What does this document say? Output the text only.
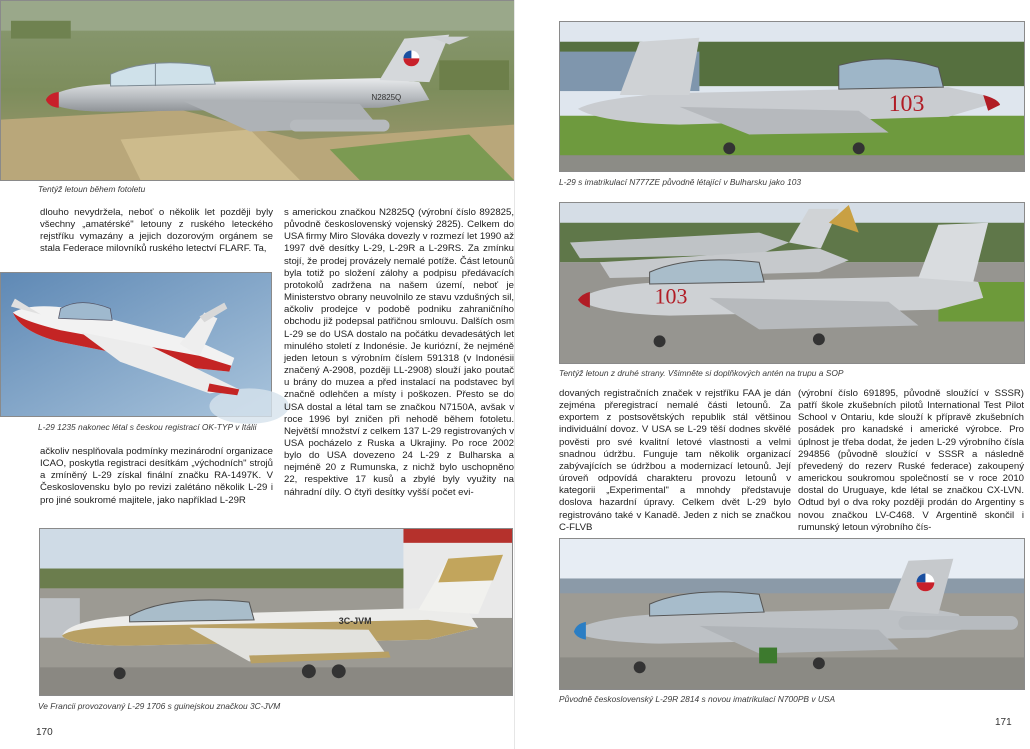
N2825Q
Tentýž letoun během fotoletu
L-29 1235 nakonec létal s českou registrací OK-TYP v Itálii
dlouho nevydržela, neboť o několik let později byly všechny „amatérské" letouny z ruského leteckého rejstříku vymazány a jejich dozorovým orgánem se stala Federace milovníků ruského letectví FLARF. Ta,
ačkoliv nesplňovala podmínky mezinárodní organizace ICAO, poskytla registraci desítkám „východních" strojů a zmíněný L-29 získal finální značku RA-1497K. V Československu bylo po revizi zalétáno několik L-29 i pro jiné soukromé majitele, jako například L-29R
s americkou značkou N2825Q (výrobní číslo 892825, původně československý vojenský 2825). Celkem do USA firmy Miro Slováka dovezly v rozmezí let 1990 až 1997 dvě desítky L-29, L-29R a L-29RS. Za zmínku stojí, že prodej provázely nemalé potíže. Část letounů byla totiž po složení zálohy a podpisu předávacích protokolů zadržena na našem území, neboť je Ministerstvo obrany neuvolnilo ze stavu vzdušných sil, ačkoliv prodejce v podobě podniku zahraničního obchodu již podepsal patřičnou smlouvu. Dalších osm L-29 se do USA dostalo na počátku devadesátých let minulého století z Indonésie. Je kuriózní, že nejméně jeden letoun s výrobním číslem 591318 (v Indonésii značený A-2908, později LL-2908) slouží jako poutač u brány do muzea a před instalací na podstavec byl značně odlehčen a místy i poškozen. Přesto se do USA dostal a létal tam se značkou N7150A, avšak v roce 1996 byl zničen při nehodě během fotoletu. Největší množství z celkem 137 L-29 registrovaných v USA pocházelo z Ruska a Ukrajiny. Po roce 2002 bylo do USA dovezeno 24 L-29 z Bulharska a nejméně 20 z Rumunska, z nichž bylo uschopněno 22, respektive 17 kusů a zbylé byly využity na náhradní díly. O čtyři desítky vyšší počet evi-
3C-JVM
Ve Francii provozovaný L-29 1706 s guinejskou značkou 3C-JVM
170
103
L-29 s imatrikulací N777ZE původně létající v Bulharsku jako 103
103
Tentýž letoun z druhé strany. Všimněte si doplňkových antén na trupu a SOP
dovaných registračních značek v rejstříku FAA je dán zejména přeregistrací nemalé části letounů. Za exportem z postsovětských republik stál většinou individuální dovoz. V USA se L-29 těší dodnes skvělé pověsti pro své kvalitní letové vlastnosti a velmi snadnou údržbu. Funguje tam několik organizací zabývajících se údržbou a modernizací letounů. Její úroveň odpovídá charakteru provozu letounů v kategorii „Experimental" a mnohdy představuje doslova hazardní úpravy. Celkem dvět L-29 bylo registrováno také v Kanadě. Jeden z nich se značkou C-FLVB
(výrobní číslo 691895, původně sloužící v SSSR) patří škole zkušebních pilotů International Test Pilot School v Ontariu, kde slouží k přípravě zkušebních posádek pro kanadské i americké výrobce. Pro úplnost je třeba dodat, že jeden L-29 výrobního čísla 294856 (původně sloužící v SSSR a následně převedený do rezerv Ruské federace) zakoupený americkou soukromou společností se v roce 2010 dostal do Uruguaye, kde létal se značkou CX-LVN. Odtud byl o dva roky později prodán do Argentiny s novou značkou LV-C468. V Argentině skončil i rumunský letoun výrobního čís-
Původně československý L-29R 2814 s novou imatrikulací N700PB v USA
171
